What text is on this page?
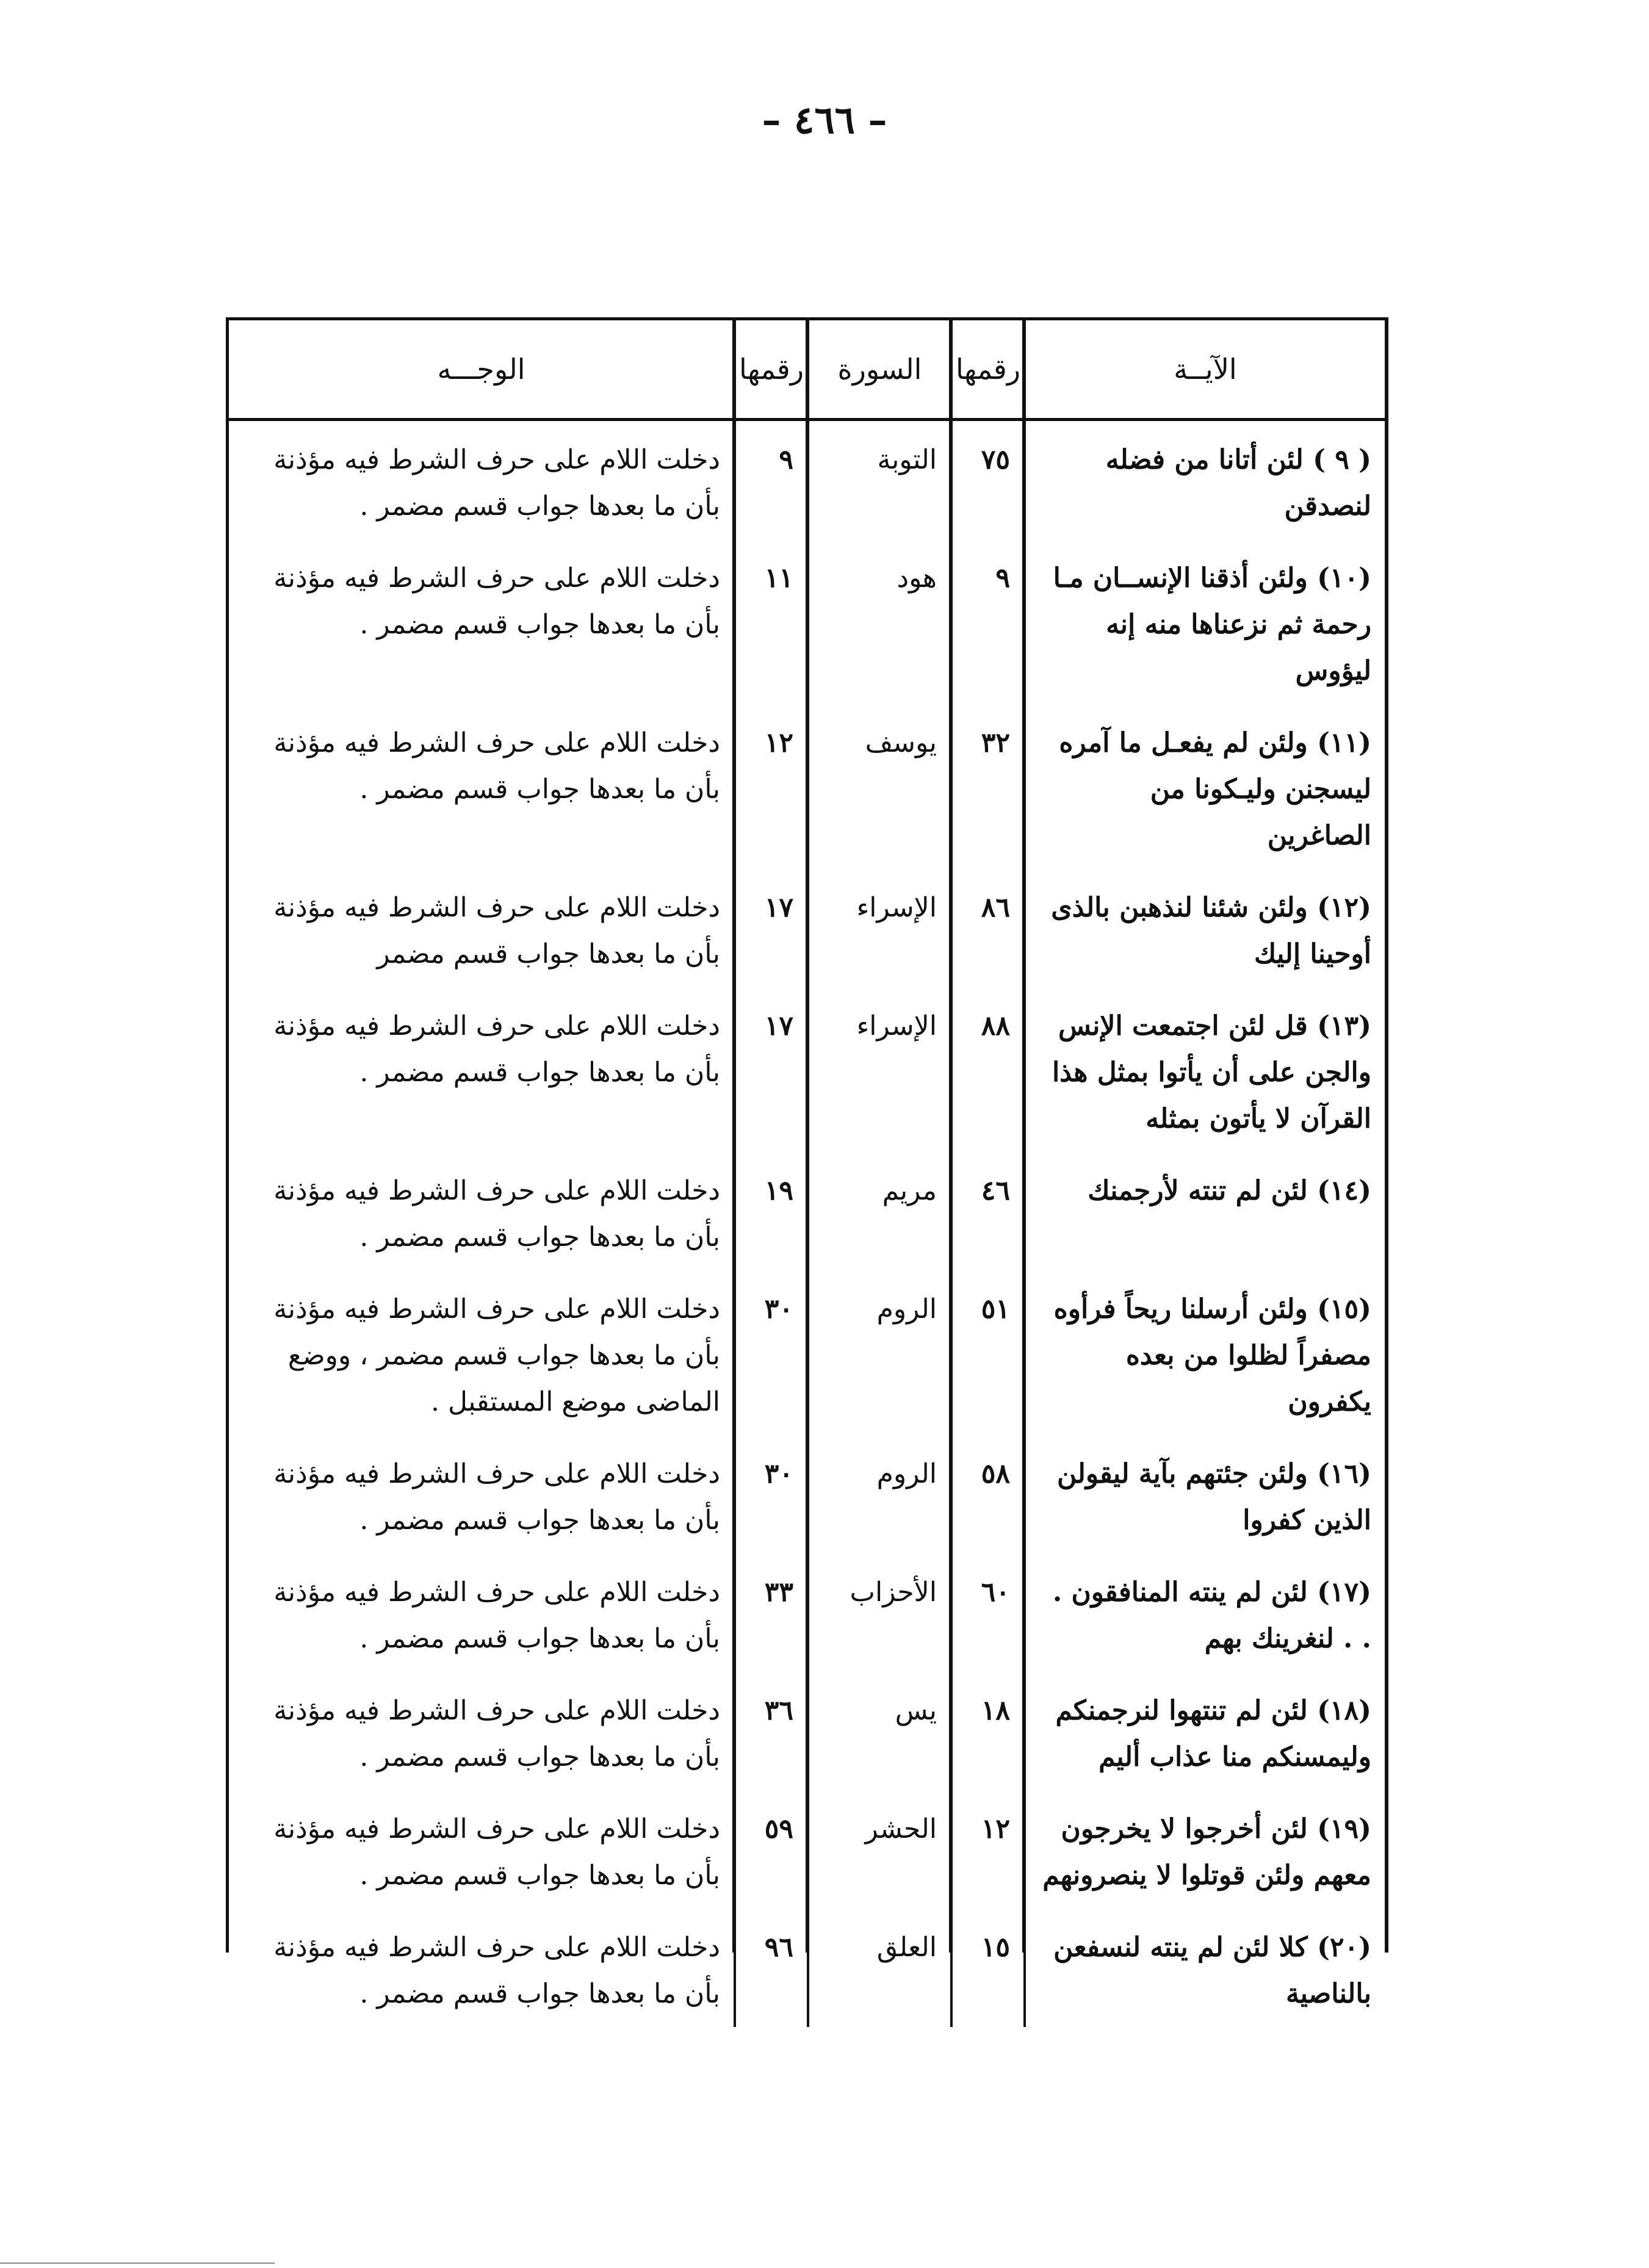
– ٤٦٦ –
الآيــة	رقمها	السورة	رقمها	الوجـــه
( ٩ ) لئن أتانا من فضله لنصدقن	٧٥	التوبة	٩	دخلت اللام على حرف الشرط فيه مؤذنة بأن ما بعدها جواب قسم مضمر .
(١٠) ولئن أذقنا الإنســان مـا رحمة ثم نزعناها منه إنه ليؤوس	٩	هود	١١	دخلت اللام على حرف الشرط فيه مؤذنة بأن ما بعدها جواب قسم مضمر .
(١١) ولئن لم يفعـل ما آمره ليسجنن وليـكونا من الصاغرين	٣٢	يوسف	١٢	دخلت اللام على حرف الشرط فيه مؤذنة بأن ما بعدها جواب قسم مضمر .
(١٢) ولئن شئنا لنذهبن بالذى أوحينا إليك	٨٦	الإسراء	١٧	دخلت اللام على حرف الشرط فيه مؤذنة بأن ما بعدها جواب قسم مضمر
(١٣) قل لئن اجتمعت الإنس والجن على أن يأتوا بمثل هذا القرآن لا يأتون بمثله	٨٨	الإسراء	١٧	دخلت اللام على حرف الشرط فيه مؤذنة بأن ما بعدها جواب قسم مضمر .
(١٤) لئن لم تنته لأرجمنك	٤٦	مريم	١٩	دخلت اللام على حرف الشرط فيه مؤذنة بأن ما بعدها جواب قسم مضمر .
(١٥) ولئن أرسلنا ريحاً فرأوه مصفراً لظلوا من بعده يكفرون	٥١	الروم	٣٠	دخلت اللام على حرف الشرط فيه مؤذنة بأن ما بعدها جواب قسم مضمر ، ووضع الماضى موضع المستقبل .
(١٦) ولئن جئتهم بآية ليقولن الذين كفروا	٥٨	الروم	٣٠	دخلت اللام على حرف الشرط فيه مؤذنة بأن ما بعدها جواب قسم مضمر .
(١٧) لئن لم ينته المنافقون . . . لنغرينك بهم	٦٠	الأحزاب	٣٣	دخلت اللام على حرف الشرط فيه مؤذنة بأن ما بعدها جواب قسم مضمر .
(١٨) لئن لم تنتهوا لنرجمنكم وليمسنكم منا عذاب أليم	١٨	يس	٣٦	دخلت اللام على حرف الشرط فيه مؤذنة بأن ما بعدها جواب قسم مضمر .
(١٩) لئن أخرجوا لا يخرجون معهم ولئن قوتلوا لا ينصرونهم	١٢	الحشر	٥٩	دخلت اللام على حرف الشرط فيه مؤذنة بأن ما بعدها جواب قسم مضمر .
(٢٠) كلا لئن لم ينته لنسفعن بالناصية	١٥	العلق	٩٦	دخلت اللام على حرف الشرط فيه مؤذنة بأن ما بعدها جواب قسم مضمر .
